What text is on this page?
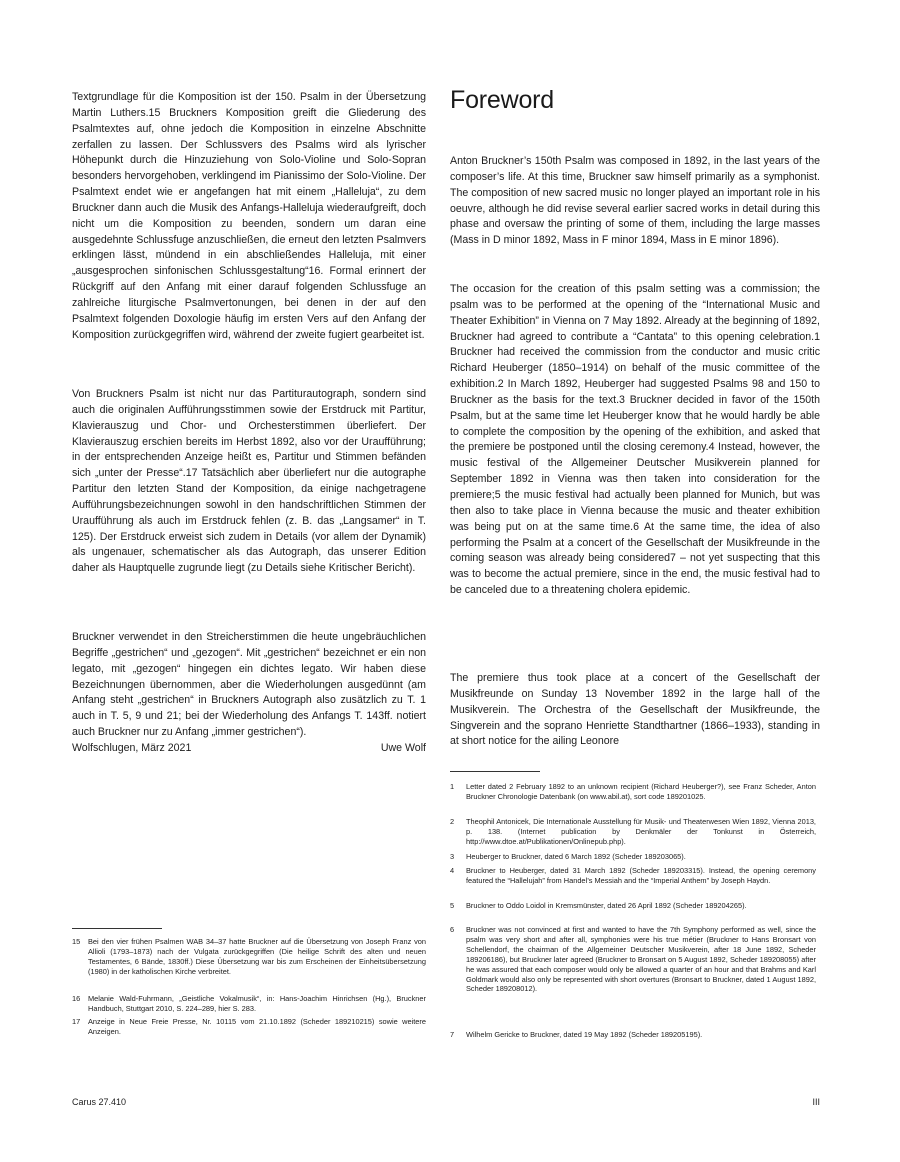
Textgrundlage für die Komposition ist der 150. Psalm in der Übersetzung Martin Luthers.15 Bruckners Komposition greift die Gliederung des Psalmtextes auf, ohne jedoch die Komposition in einzelne Abschnitte zerfallen zu lassen. Der Schlussvers des Psalms wird als lyrischer Höhepunkt durch die Hinzuziehung von Solo-Violine und Solo-Sopran besonders hervorgehoben, verklingend im Pianissimo der Solo-Violine. Der Psalmtext endet wie er angefangen hat mit einem „Halleluja“, zu dem Bruckner dann auch die Musik des Anfangs-Halleluja wiederaufgreift, doch nicht um die Komposition zu beenden, sondern um daran eine ausgedehnte Schlussfuge anzuschließen, die erneut den letzten Psalmvers erklingen lässt, mündend in ein abschließendes Halleluja, mit einer „ausgesprochen sinfonischen Schlussgestaltung“16. Formal erinnert der Rückgriff auf den Anfang mit einer darauf folgenden Schlussfuge an zahlreiche liturgische Psalmvertonungen, bei denen in der auf den Psalmtext folgenden Doxologie häufig im ersten Vers auf den Anfang der Komposition zurückgegriffen wird, während der zweite fugiert gearbeitet ist.

Von Bruckners Psalm ist nicht nur das Partiturautograph, sondern sind auch die originalen Aufführungsstimmen sowie der Erstdruck mit Partitur, Klavierauszug und Chor- und Orchesterstimmen überliefert. Der Klavierauszug erschien bereits im Herbst 1892, also vor der Uraufführung; in der entsprechenden Anzeige heißt es, Partitur und Stimmen befänden sich „unter der Presse“.17 Tatsächlich aber überliefert nur die autographe Partitur den letzten Stand der Komposition, da einige nachgetragene Aufführungsbezeichnungen sowohl in den handschriftlichen Stimmen der Uraufführung als auch im Erstdruck fehlen (z. B. das „Langsamer“ in T. 125). Der Erstdruck erweist sich zudem in Details (vor allem der Dynamik) als ungenauer, schematischer als das Autograph, das unserer Edition daher als Hauptquelle zugrunde liegt (zu Details siehe Kritischer Bericht).

Bruckner verwendet in den Streicherstimmen die heute ungebräuchlichen Begriffe „gestrichen“ und „gezogen“. Mit „gestrichen“ bezeichnet er ein non legato, mit „gezogen“ hingegen ein dichtes legato. Wir haben diese Bezeichnungen übernommen, aber die Wiederholungen ausgedünnt (am Anfang steht „gestrichen“ in Bruckners Autograph also zusätzlich zu T. 1 auch in T. 5, 9 und 21; bei der Wiederholung des Anfangs T. 143ff. notiert auch Bruckner nur zu Anfang „immer gestrichen“).

Wolfschlugen, März 2021	Uwe Wolf

15 Bei den vier frühen Psalmen WAB 34–37 hatte Bruckner auf die Übersetzung von Joseph Franz von Allioli (1793–1873) nach der Vulgata zurückgegriffen (Die heilige Schrift des alten und neuen Testamentes, 6 Bände, 1830ff.) Diese Übersetzung war bis zum Erscheinen der Einheitsübersetzung (1980) in der katholischen Kirche verbreitet.

16 Melanie Wald-Fuhrmann, „Geistliche Vokalmusik“, in: Hans-Joachim Hinrichsen (Hg.), Bruckner Handbuch, Stuttgart 2010, S. 224–289, hier S. 283.

17 Anzeige in Neue Freie Presse, Nr. 10115 vom 21.10.1892 (Scheder 189210215) sowie weitere Anzeigen.

Carus 27.410
Foreword

Anton Bruckner’s 150th Psalm was composed in 1892, in the last years of the composer’s life. At this time, Bruckner saw himself primarily as a symphonist. The composition of new sacred music no longer played an important role in his oeuvre, although he did revise several earlier sacred works in detail during this phase and oversaw the printing of some of them, including the large masses (Mass in D minor 1892, Mass in F minor 1894, Mass in E minor 1896).

The occasion for the creation of this psalm setting was a commission; the psalm was to be performed at the opening of the “International Music and Theater Exhibition” in Vienna on 7 May 1892. Already at the beginning of 1892, Bruckner had agreed to contribute a “Cantata” to this opening celebration.1 Bruckner had received the commission from the conductor and music critic Richard Heuberger (1850–1914) on behalf of the music committee of the exhibition.2 In March 1892, Heuberger had suggested Psalms 98 and 150 to Bruckner as the basis for the text.3 Bruckner decided in favor of the 150th Psalm, but at the same time let Heuberger know that he would hardly be able to complete the composition by the opening of the exhibition, and asked that the premiere be postponed until the closing ceremony.4 Instead, however, the music festival of the Allgemeiner Deutscher Musikverein planned for September 1892 in Vienna was then taken into consideration for the premiere;5 the music festival had actually been planned for Munich, but was then also to take place in Vienna because the music and theater exhibition was being put on at the same time.6 At the same time, the idea of also performing the Psalm at a concert of the Gesellschaft der Musikfreunde in the coming season was already being considered7 – not yet suspecting that this was to become the actual premiere, since in the end, the music festival had to be canceled due to a threatening cholera epidemic.

The premiere thus took place at a concert of the Gesellschaft der Musikfreunde on Sunday 13 November 1892 in the large hall of the Musikverein. The Orchestra of the Gesellschaft der Musikfreunde, the Singverein and the soprano Henriette Standthartner (1866–1933), standing in at short notice for the ailing Leonore

1 Letter dated 2 February 1892 to an unknown recipient (Richard Heuberger?), see Franz Scheder, Anton Bruckner Chronologie Datenbank (on www.abil.at), sort code 189201025.

2 Theophil Antonicek, Die Internationale Ausstellung für Musik- und Theaterwesen Wien 1892, Vienna 2013, p. 138. (Internet publication by Denkmäler der Tonkunst in Österreich, http://www.dtoe.at/Publikationen/Onlinepub.php).

3 Heuberger to Bruckner, dated 6 March 1892 (Scheder 189203065).

4 Bruckner to Heuberger, dated 31 March 1892 (Scheder 189203315). Instead, the opening ceremony featured the “Hallelujah” from Handel’s Messiah and the “Imperial Anthem” by Joseph Haydn.

5 Bruckner to Oddo Loidol in Kremsmünster, dated 26 April 1892 (Scheder 189204265).

6 Bruckner was not convinced at first and wanted to have the 7th Symphony performed as well, since the psalm was very short and after all, symphonies were his true métier (Bruckner to Hans Bronsart von Schellendorf, the chairman of the Allgemeiner Deutscher Musikverein, after 18 June 1892, Scheder 189206186), but Bruckner later agreed (Bruckner to Bronsart on 5 August 1892, Scheder 189208055) after he was assured that each composer would only be allowed a quarter of an hour and that Brahms and Karl Goldmark would also only be represented with short overtures (Bronsart to Bruckner, dated 1 August 1892, Scheder 189208012).

7 Wilhelm Gericke to Bruckner, dated 19 May 1892 (Scheder 189205195).

III
